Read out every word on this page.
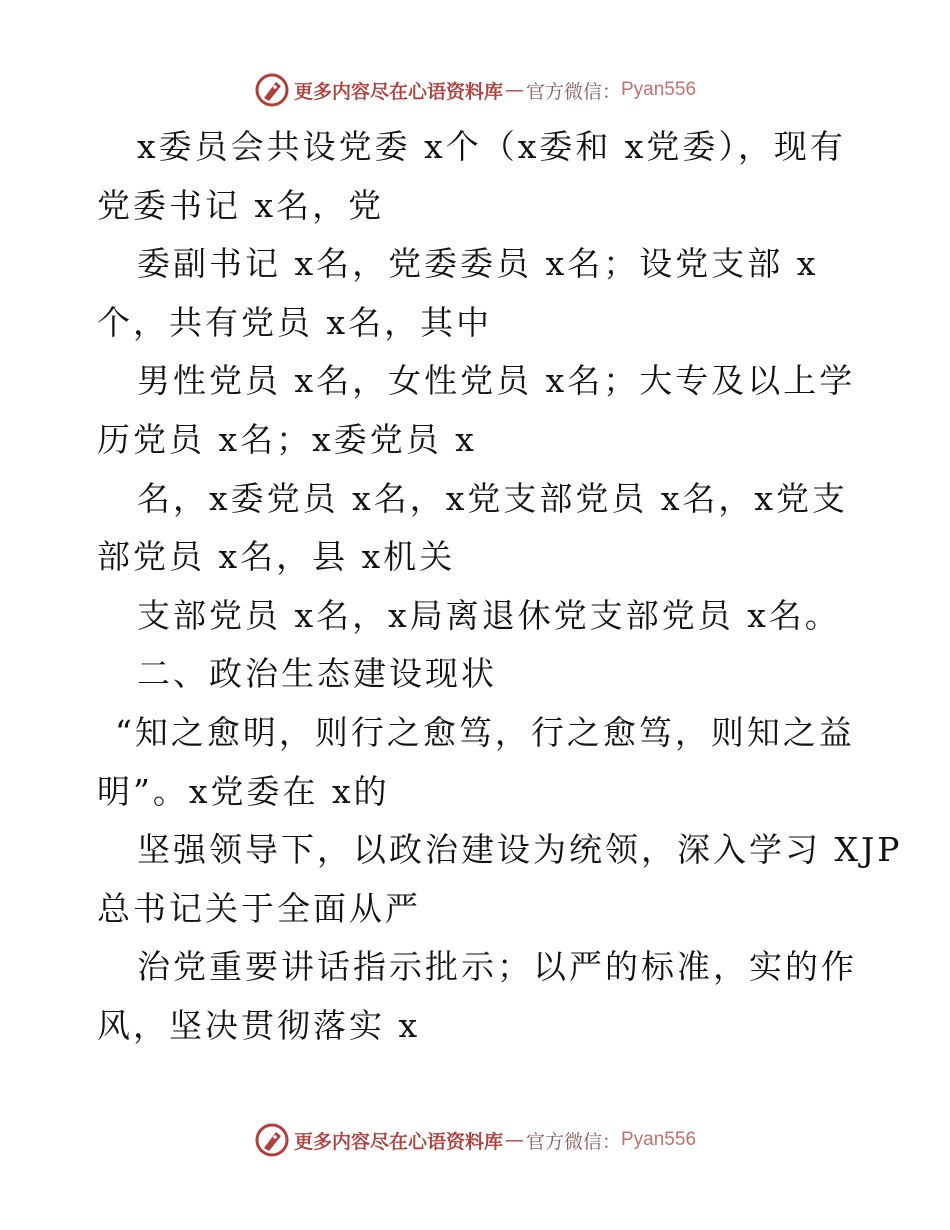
更多内容尽在心语资料库 — 官方微信： Pyan556
x委员会共设党委 x个（x委和 x党委），现有
党委书记 x名，党
委副书记 x名，党委委员 x名；设党支部 x
个，共有党员 x名，其中
男性党员 x名，女性党员 x名；大专及以上学
历党员 x名；x委党员 x
名，x委党员 x名，x党支部党员 x名，x党支
部党员 x名，县 x机关
支部党员 x名，x局离退休党支部党员 x名。
二、政治生态建设现状
“知之愈明，则行之愈笃，行之愈笃，则知之益
明”。x党委在 x的
坚强领导下，以政治建设为统领，深入学习 XJP
总书记关于全面从严
治党重要讲话指示批示；以严的标准，实的作
风，坚决贯彻落实 x
更多内容尽在心语资料库 — 官方微信： Pyan556
